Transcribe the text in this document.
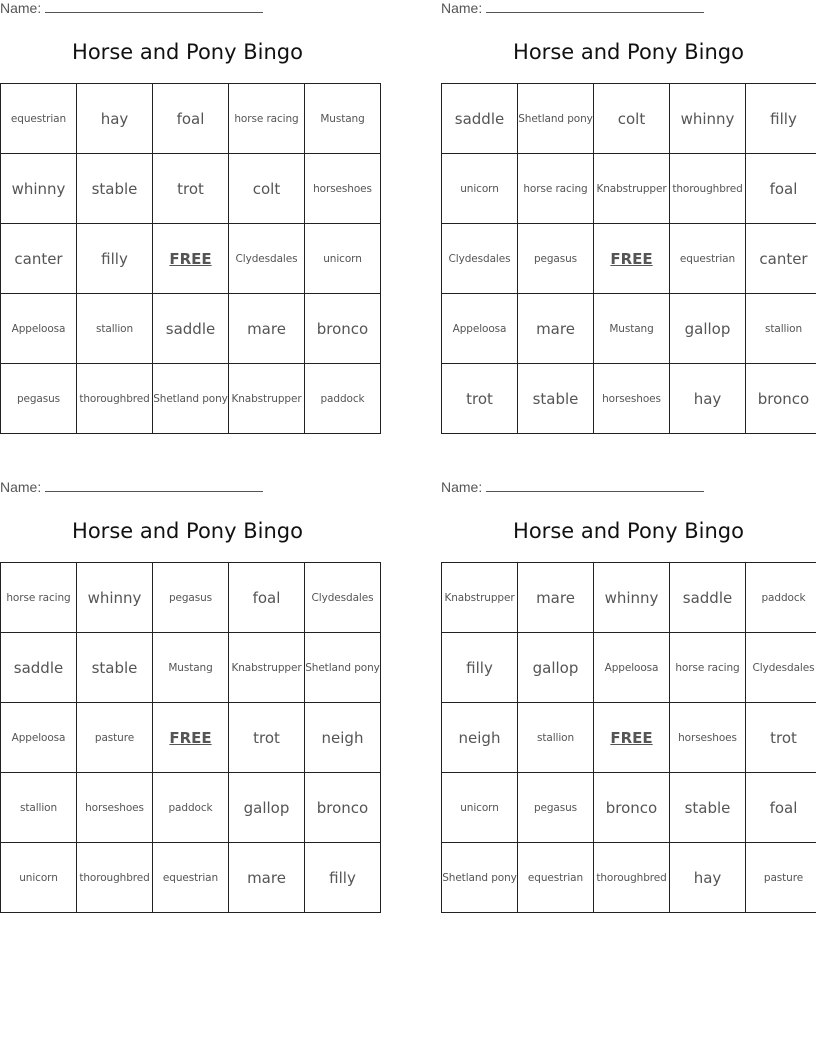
Name:
Horse and Pony Bingo
equestrian	hay	foal	horse racing	Mustang
whinny	stable	trot	colt	horseshoes
canter	filly	FREE	Clydesdales	unicorn
Appeloosa	stallion	saddle	mare	bronco
pegasus	thoroughbred	Shetland pony	Knabstrupper	paddock
Name:
Horse and Pony Bingo
saddle	Shetland pony	colt	whinny	filly
unicorn	horse racing	Knabstrupper	thoroughbred	foal
Clydesdales	pegasus	FREE	equestrian	canter
Appeloosa	mare	Mustang	gallop	stallion
trot	stable	horseshoes	hay	bronco
Name:
Horse and Pony Bingo
horse racing	whinny	pegasus	foal	Clydesdales
saddle	stable	Mustang	Knabstrupper	Shetland pony
Appeloosa	pasture	FREE	trot	neigh
stallion	horseshoes	paddock	gallop	bronco
unicorn	thoroughbred	equestrian	mare	filly
Name:
Horse and Pony Bingo
Knabstrupper	mare	whinny	saddle	paddock
filly	gallop	Appeloosa	horse racing	Clydesdales
neigh	stallion	FREE	horseshoes	trot
unicorn	pegasus	bronco	stable	foal
Shetland pony	equestrian	thoroughbred	hay	pasture
